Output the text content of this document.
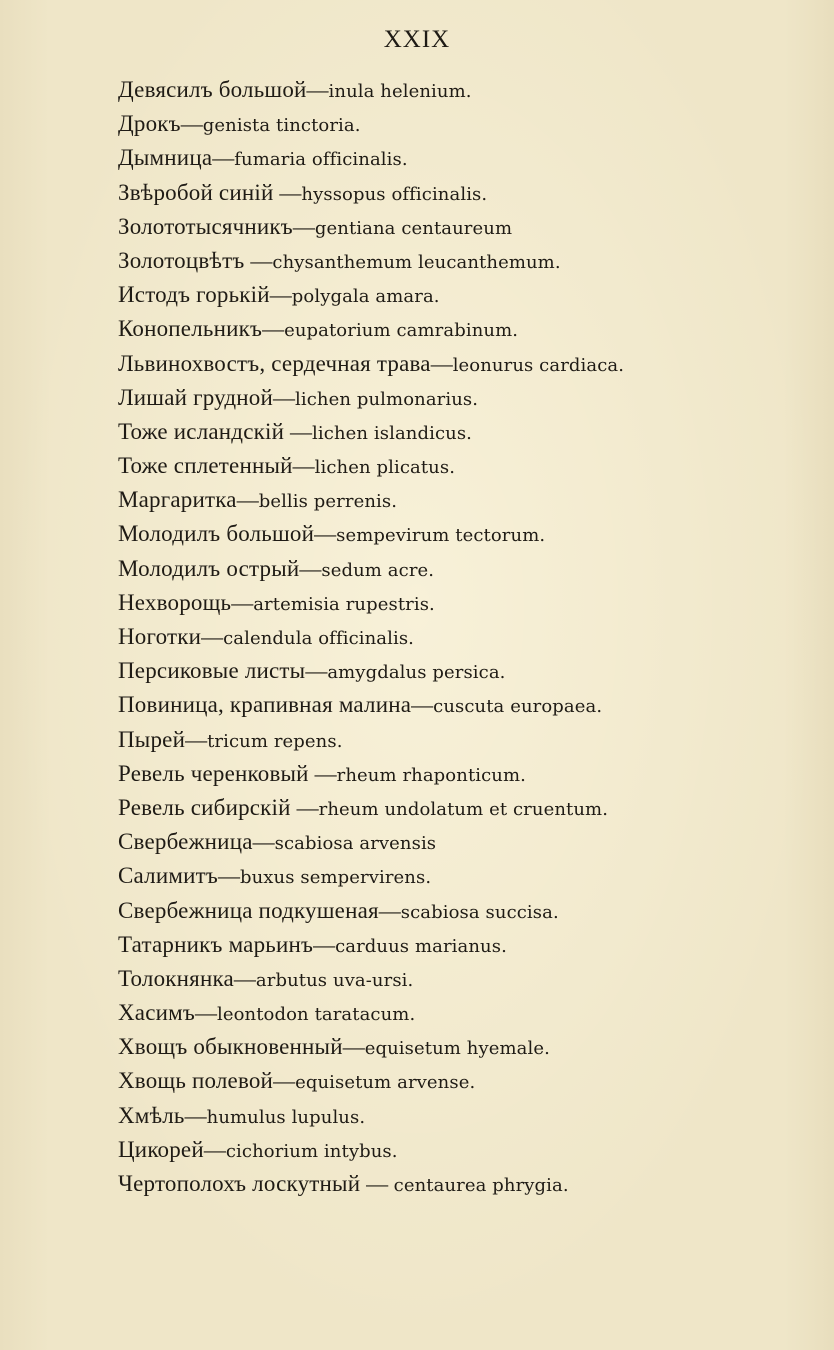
XXIX
Девясилъ большой—inula helenium.
Дрокъ—genista tinctoria.
Дымница—fumaria officinalis.
Звѣробой синій —hyssopus officinalis.
Золототысячникъ—gentiana centaureum
Золотоцвѣтъ —chysanthemum leucanthemum.
Истодъ горькій—polygala amara.
Конопельникъ—eupatorium camrabinum.
Львинохвостъ, сердечная трава—leonurus cardiaca.
Лишай грудной—lichen pulmonarius.
Тоже исландскій —lichen islandicus.
Тоже сплетенный—lichen plicatus.
Маргаритка—bellis perrenis.
Молодилъ большой—sempevirum tectorum.
Молодилъ острый—sedum acre.
Нехворощь—artemisia rupestris.
Ноготки—calendula officinalis.
Персиковые листы—amygdalus persica.
Повиница, крапивная малина—cuscuta europaea.
Пырей—tricum repens.
Ревель черенковый —rheum rhaponticum.
Ревель сибирскій —rheum undolatum et cruentum.
Свербежница—scabiosa arvensis
Салимитъ—buxus sempervirens.
Свербежница подкушеная—scabiosa succisa.
Татарникъ марьинъ—carduus marianus.
Толокнянка—arbutus uva-ursi.
Хасимъ—leontodon taratacum.
Хвощъ обыкновенный—equisetum hyemale.
Хвощь полевой—equisetum arvense.
Хмѣль—humulus lupulus.
Цикорей—cichorium intybus.
Чертополохъ лоскутный — centaurea phrygia.
